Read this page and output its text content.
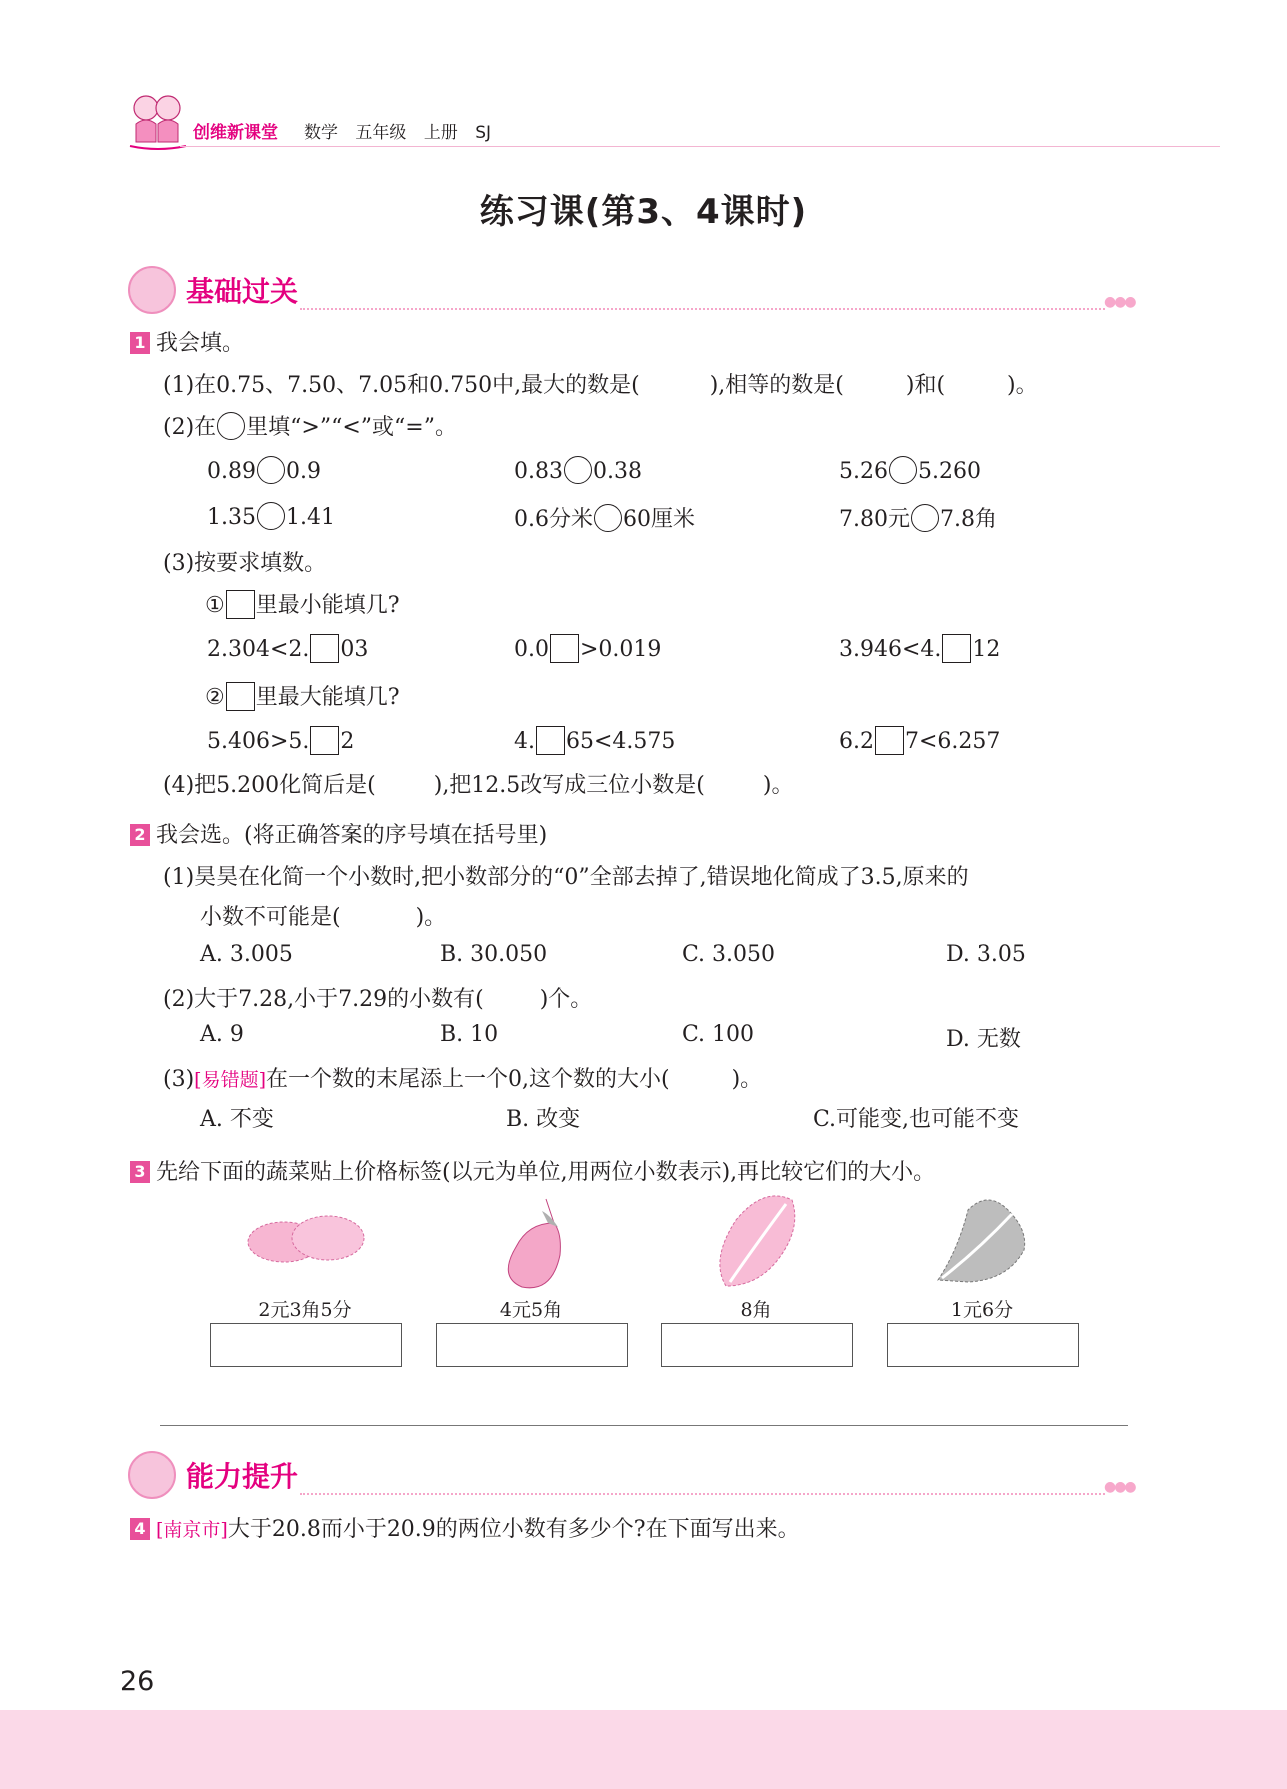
创维新课堂 数学 五年级 上册 SJ
练习课(第3、4课时)
基础过关	●●●
1 我会填。
(1)在0.75、7.50、7.05和0.750中,最大的数是(	),相等的数是(	)和(	)。
(2)在 里填“>”“<”或“=”。
0.89 0.9	0.83 0.38	5.26 5.260
1.35 1.41	0.6分米 60厘米	7.80元 7.8角
(3)按要求填数。
① 里最小能填几?
2.304<2. 03	0.0 >0.019	3.946<4. 12
② 里最大能填几?
5.406>5. 2	4. 65<4.575	6.2 7<6.257
(4)把5.200化简后是(	),把12.5改写成三位小数是(	)。
2 我会选。(将正确答案的序号填在括号里)
(1)昊昊在化简一个小数时,把小数部分的“0”全部去掉了,错误地化简成了3.5,原来的
小数不可能是(	)。
A. 3.005	B. 30.050	C. 3.050	D. 3.05
(2)大于7.28,小于7.29的小数有(	)个。
A. 9	B. 10	C. 100	D. 无数
(3)[易错题]在一个数的末尾添上一个0,这个数的大小(	)。
A. 不变	B. 改变	C.可能变,也可能不变
3 先给下面的蔬菜贴上价格标签(以元为单位,用两位小数表示),再比较它们的大小。
2元3角5分	4元5角	8角	1元6分
能力提升	●●●
4 [南京市]大于20.8而小于20.9的两位小数有多少个?在下面写出来。
26
